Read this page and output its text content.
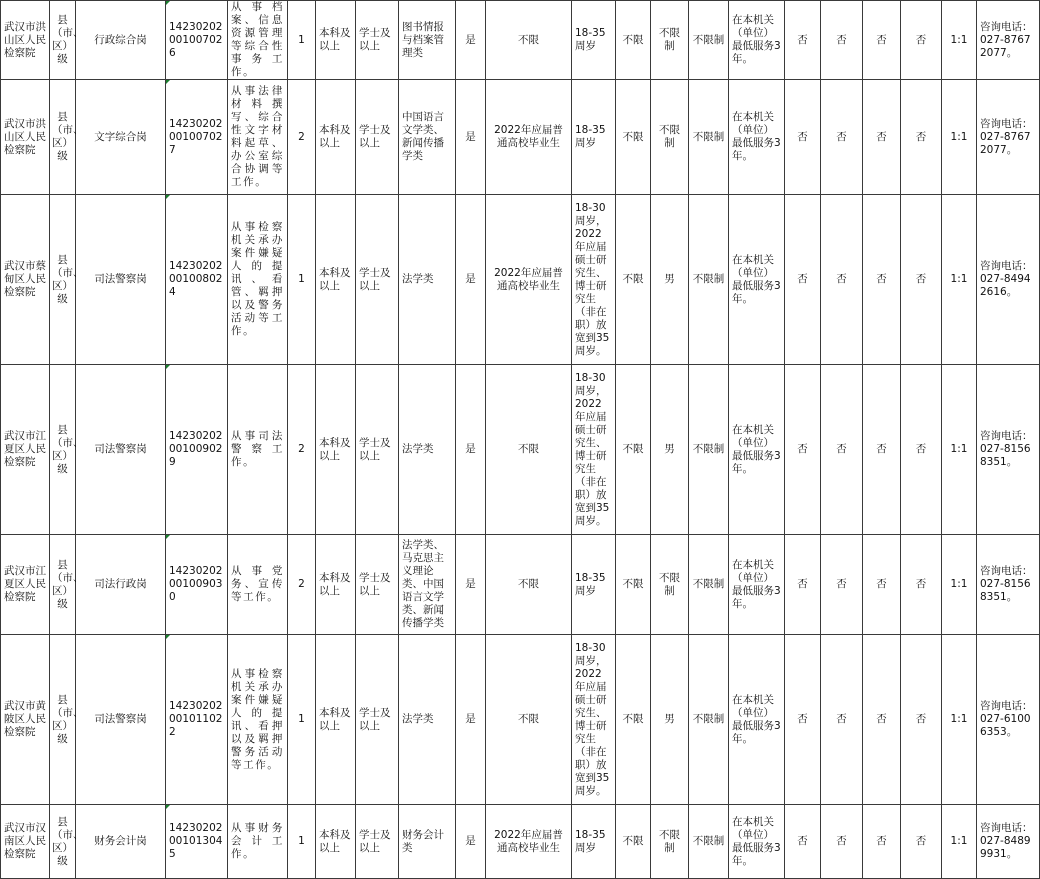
武汉市洪山区人民检察院	县（市、区）级	行政综合岗	14230202001007026	从事档案、信息资源管理等综合性事务工作。	1	本科及以上	学士及以上	图书情报与档案管理类	是	不限	18-35周岁	不限	不限制	不限制	在本机关（单位）最低服务3年。	否	否	否	否	1:1	咨询电话：027-87672077。
武汉市洪山区人民检察院	县（市、区）级	文字综合岗	14230202001007027	从事法律材料撰写、综合性文字材料起草、办公室综合协调等工作。	2	本科及以上	学士及以上	中国语言文学类、新闻传播学类	是	2022年应届普通高校毕业生	18-35周岁	不限	不限制	不限制	在本机关（单位）最低服务3年。	否	否	否	否	1:1	咨询电话：027-87672077。
武汉市蔡甸区人民检察院	县（市、区）级	司法警察岗	14230202001008024	从事检察机关承办案件嫌疑人的提讯、看管、羁押以及警务活动等工作。	1	本科及以上	学士及以上	法学类	是	2022年应届普通高校毕业生	18-30周岁，2022年应届硕士研究生、博士研究生（非在职）放宽到35周岁。	不限	男	不限制	在本机关（单位）最低服务3年。	否	否	否	否	1:1	咨询电话：027-84942616。
武汉市江夏区人民检察院	县（市、区）级	司法警察岗	14230202001009029	从事司法警察工作。	2	本科及以上	学士及以上	法学类	是	不限	18-30周岁，2022年应届硕士研究生、博士研究生（非在职）放宽到35周岁。	不限	男	不限制	在本机关（单位）最低服务3年。	否	否	否	否	1:1	咨询电话：027-81568351。
武汉市江夏区人民检察院	县（市、区）级	司法行政岗	14230202001009030	从事党务、宣传等工作。	2	本科及以上	学士及以上	法学类、马克思主义理论类、中国语言文学类、新闻传播学类	是	不限	18-35周岁	不限	不限制	不限制	在本机关（单位）最低服务3年。	否	否	否	否	1:1	咨询电话：027-81568351。
武汉市黄陂区人民检察院	县（市、区）级	司法警察岗	14230202001011022	从事检察机关承办案件嫌疑人的提讯、看押以及羁押警务活动等工作。	1	本科及以上	学士及以上	法学类	是	不限	18-30周岁，2022年应届硕士研究生、博士研究生（非在职）放宽到35周岁。	不限	男	不限制	在本机关（单位）最低服务3年。	否	否	否	否	1:1	咨询电话：027-61006353。
武汉市汉南区人民检察院	县（市、区）级	财务会计岗	14230202001013045	从事财务会计工作。	1	本科及以上	学士及以上	财务会计类	是	2022年应届普通高校毕业生	18-35周岁	不限	不限制	不限制	在本机关（单位）最低服务3年。	否	否	否	否	1:1	咨询电话：027-84899931。
